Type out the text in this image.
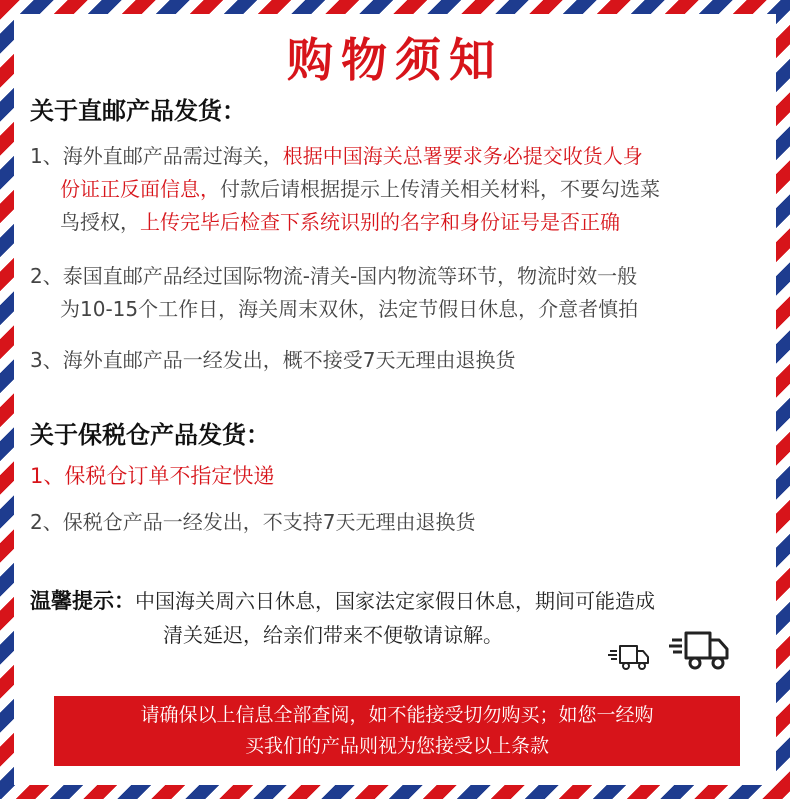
购物须知
关于直邮产品发货：
1、海外直邮产品需过海关，根据中国海关总署要求务必提交收货人身
份证正反面信息，付款后请根据提示上传清关相关材料，不要勾选菜
鸟授权，上传完毕后检查下系统识别的名字和身份证号是否正确
2、泰国直邮产品经过国际物流-清关-国内物流等环节，物流时效一般
为10-15个工作日，海关周末双休，法定节假日休息，介意者慎拍
3、海外直邮产品一经发出，概不接受7天无理由退换货
关于保税仓产品发货：
1、保税仓订单不指定快递
2、保税仓产品一经发出，不支持7天无理由退换货
温馨提示：中国海关周六日休息，国家法定家假日休息，期间可能造成
清关延迟，给亲们带来不便敬请谅解。
请确保以上信息全部查阅，如不能接受切勿购买；如您一经购
买我们的产品则视为您接受以上条款
